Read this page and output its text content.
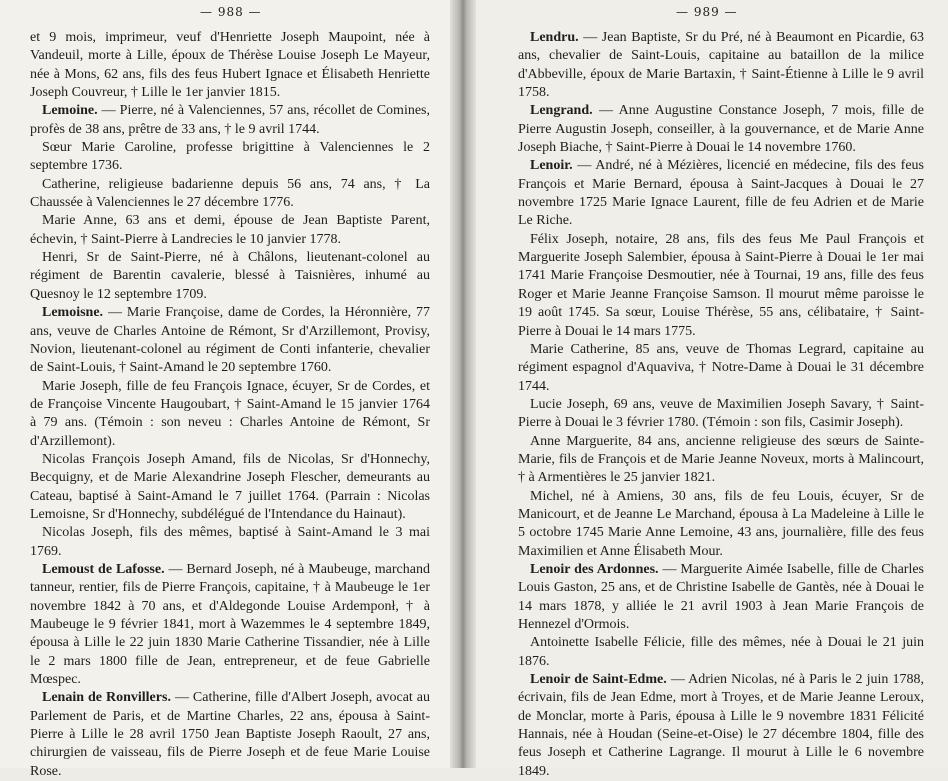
— 988 —

et 9 mois, imprimeur, veuf d'Henriette Joseph Maupoint, née à Vandeuil, morte à Lille, époux de Thérèse Louise Joseph Le Mayeur, née à Mons, 62 ans, fils des feus Hubert Ignace et Élisabeth Henriette Joseph Couvreur, † Lille le 1er janvier 1815.

Lemoine. — Pierre, né à Valenciennes, 57 ans, récollet de Comines, profès de 38 ans, prêtre de 33 ans, † le 9 avril 1744.

Sœur Marie Caroline, professe brigittine à Valenciennes le 2 septembre 1736.

Catherine, religieuse badarienne depuis 56 ans, 74 ans, † La Chaussée à Valenciennes le 27 décembre 1776.

Marie Anne, 63 ans et demi, épouse de Jean Baptiste Parent, échevin, † Saint-Pierre à Landrecies le 10 janvier 1778.

Henri, Sr de Saint-Pierre, né à Châlons, lieutenant-colonel au régiment de Barentin cavalerie, blessé à Taisnières, inhumé au Quesnoy le 12 septembre 1709.

Lemoisne. — Marie Françoise, dame de Cordes, la Héronnière, 77 ans, veuve de Charles Antoine de Rémont, Sr d'Arzillemont, Provisy, Novion, lieutenant-colonel au régiment de Conti infanterie, chevalier de Saint-Louis, † Saint-Amand le 20 septembre 1760.

Marie Joseph, fille de feu François Ignace, écuyer, Sr de Cordes, et de Françoise Vincente Haugoubart, † Saint-Amand le 15 janvier 1764 à 79 ans. (Témoin : son neveu : Charles Antoine de Rémont, Sr d'Arzillemont).

Nicolas François Joseph Amand, fils de Nicolas, Sr d'Honnechy, Becquigny, et de Marie Alexandrine Joseph Flescher, demeurants au Cateau, baptisé à Saint-Amand le 7 juillet 1764. (Parrain : Nicolas Lemoisne, Sr d'Honnechy, subdélégué de l'Intendance du Hainaut).

Nicolas Joseph, fils des mêmes, baptisé à Saint-Amand le 3 mai 1769.

Lemoust de Lafosse. — Bernard Joseph, né à Maubeuge, marchand tanneur, rentier, fils de Pierre François, capitaine, † à Maubeuge le 1er novembre 1842 à 70 ans, et d'Aldegonde Louise Ardemponł, † à Maubeuge le 9 février 1841, mort à Wazemmes le 4 septembre 1849, épousa à Lille le 22 juin 1830 Marie Catherine Tissandier, née à Lille le 2 mars 1800 fille de Jean, entrepreneur, et de feue Gabrielle Mœspec.

Lenain de Ronvillers. — Catherine, fille d'Albert Joseph, avocat au Parlement de Paris, et de Martine Charles, 22 ans, épousa à Saint-Pierre à Lille le 28 avril 1750 Jean Baptiste Joseph Raoult, 27 ans, chirurgien de vaisseau, fils de Pierre Joseph et de feue Marie Louise Rose.

— 989 —

Lendru. — Jean Baptiste, Sr du Pré, né à Beaumont en Picardie, 63 ans, chevalier de Saint-Louis, capitaine au bataillon de la milice d'Abbeville, époux de Marie Bartaxin, † Saint-Étienne à Lille le 9 avril 1758.

Lengrand. — Anne Augustine Constance Joseph, 7 mois, fille de Pierre Augustin Joseph, conseiller, à la gouvernance, et de Marie Anne Joseph Biache, † Saint-Pierre à Douai le 14 novembre 1760.

Lenoir. — André, né à Mézières, licencié en médecine, fils des feus François et Marie Bernard, épousa à Saint-Jacques à Douai le 27 novembre 1725 Marie Ignace Laurent, fille de feu Adrien et de Marie Le Riche.

Félix Joseph, notaire, 28 ans, fils des feus Me Paul François et Marguerite Joseph Salembier, épousa à Saint-Pierre à Douai le 1er mai 1741 Marie Françoise Desmoutier, née à Tournai, 19 ans, fille des feus Roger et Marie Jeanne Françoise Samson. Il mourut même paroisse le 19 août 1745. Sa sœur, Louise Thérèse, 55 ans, célibataire, † Saint-Pierre à Douai le 14 mars 1775.

Marie Catherine, 85 ans, veuve de Thomas Legrard, capitaine au régiment espagnol d'Aquaviva, † Notre-Dame à Douai le 31 décembre 1744.

Lucie Joseph, 69 ans, veuve de Maximilien Joseph Savary, † Saint-Pierre à Douai le 3 février 1780. (Témoin : son fils, Casimir Joseph).

Anne Marguerite, 84 ans, ancienne religieuse des sœurs de Sainte-Marie, fils de François et de Marie Jeanne Noveux, morts à Malincourt, † à Armentières le 25 janvier 1821.

Michel, né à Amiens, 30 ans, fils de feu Louis, écuyer, Sr de Manicourt, et de Jeanne Le Marchand, épousa à La Madeleine à Lille le 5 octobre 1745 Marie Anne Lemoine, 43 ans, journalière, fille des feus Maximilien et Anne Élisabeth Mour.

Lenoir des Ardonnes. — Marguerite Aimée Isabelle, fille de Charles Louis Gaston, 25 ans, et de Christine Isabelle de Gantès, née à Douai le 14 mars 1878, y alliée le 21 avril 1903 à Jean Marie François de Hennezel d'Ormois.

Antoinette Isabelle Félicie, fille des mêmes, née à Douai le 21 juin 1876.

Lenoir de Saint-Edme. — Adrien Nicolas, né à Paris le 2 juin 1788, écrivain, fils de Jean Edme, mort à Troyes, et de Marie Jeanne Leroux, de Monclar, morte à Paris, épousa à Lille le 9 novembre 1831 Félicité Hannais, née à Houdan (Seine-et-Oise) le 27 décembre 1804, fille des feus Joseph et Catherine Lagrange. Il mourut à Lille le 6 novembre 1849.
